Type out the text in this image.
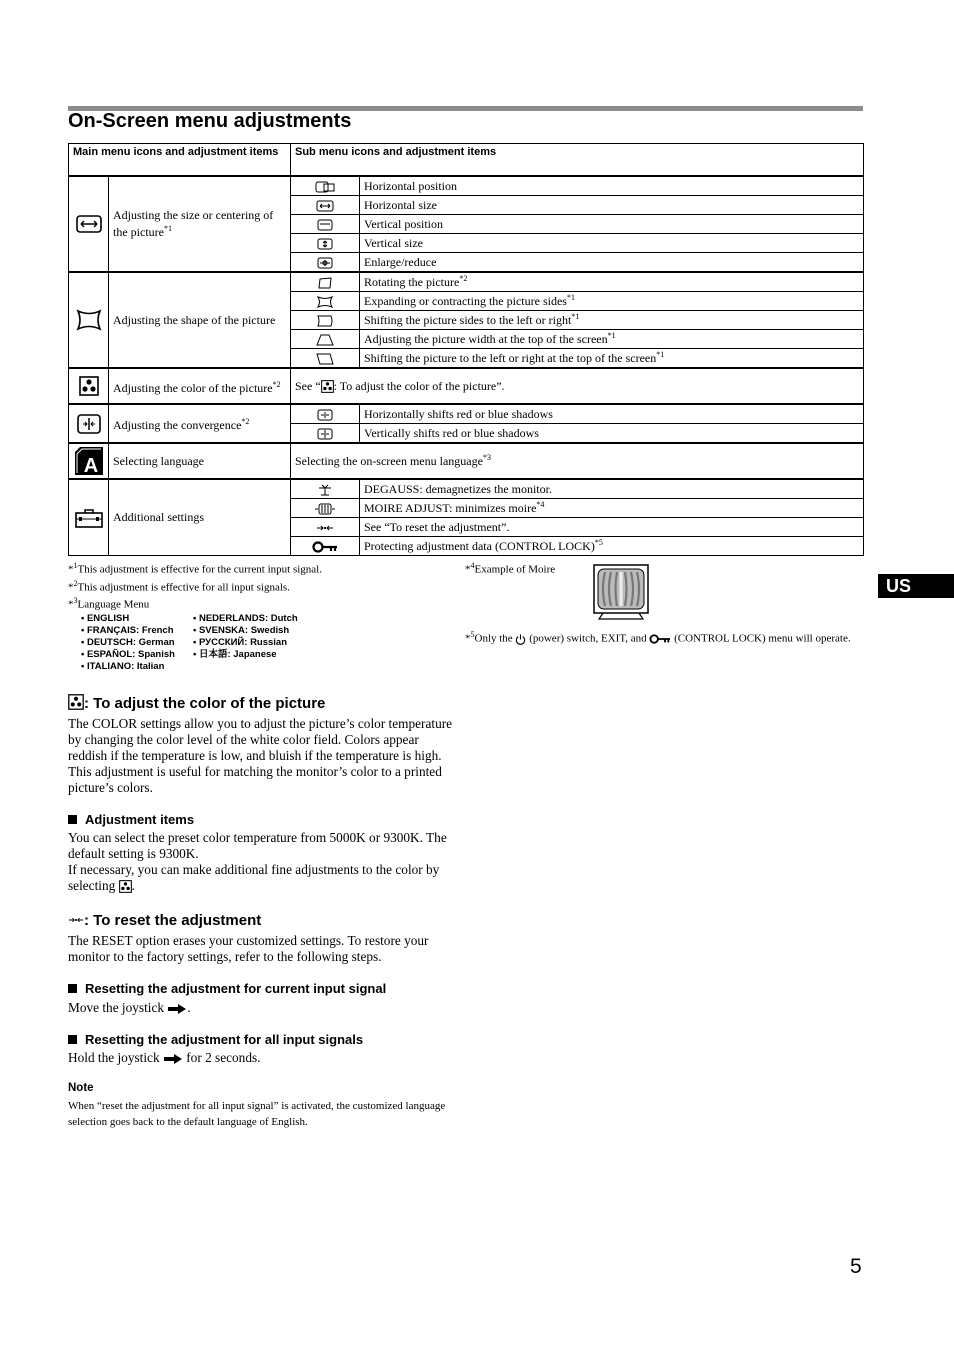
On-Screen menu adjustments
Main menu icons and adjustment items		Sub menu icons and adjustment items	
	Adjusting the size or centering of the picture$^{*1}$		Horizontal position
	Horizontal size
	Vertical position
	Vertical size
	Enlarge/reduce
	Adjusting the shape of the picture		Rotating the picture$^{*2}$
	Expanding or contracting the picture sides$^{*1}$
	Shifting the picture sides to the left or right$^{*1}$
	Adjusting the picture width at the top of the screen$^{*1}$
	Shifting the picture to the left or right at the top of the screen$^{*1}$
	Adjusting the color of the picture$^{*2}$	See “ : To adjust the color of the picture”.	
	Adjusting the convergence$^{*2}$		Horizontally shifts red or blue shadows
	Vertically shifts red or blue shadows

A	Selecting language	Selecting the on-screen menu language$^{*3}$
	Additional settings		DEGAUSS: demagnetizes the monitor.
	MOIRE ADJUST: minimizes moire$^{*4}$
	See “To reset the adjustment”.
	Protecting adjustment data (CONTROL LOCK)$^{*5}$
US
*$^1$This adjustment is effective for the current input signal.
*$^2$This adjustment is effective for all input signals.
*$^3$Language Menu
• ENGLISH	• NEDERLANDS: Dutch
• FRANÇAIS: French	• SVENSKA: Swedish
• DEUTSCH: German	• РУССКИЙ: Russian
• ESPAÑOL: Spanish	• 日本語: Japanese
• ITALIANO: Italian
*$^4$Example of Moire
*$^5$Only the (power) switch, EXIT, and	(CONTROL LOCK) menu will operate.
: To adjust the color of the picture
The COLOR settings allow you to adjust the picture’s color temperature by changing the color level of the white color field. Colors appear reddish if the temperature is low, and bluish if the temperature is high. This adjustment is useful for matching the monitor’s color to a printed picture’s colors.
Adjustment items
You can select the preset color temperature from 5000K or 9300K. The default setting is 9300K.
If necessary, you can make additional fine adjustments to the color by selecting .
: To reset the adjustment
The RESET option erases your customized settings. To restore your monitor to the factory settings, refer to the following steps.
Resetting the adjustment for current input signal
Move the joystick .
Resetting the adjustment for all input signals
Hold the joystick for 2 seconds.
Note
When “reset the adjustment for all input signal” is activated, the customized language selection goes back to the default language of English.
5
